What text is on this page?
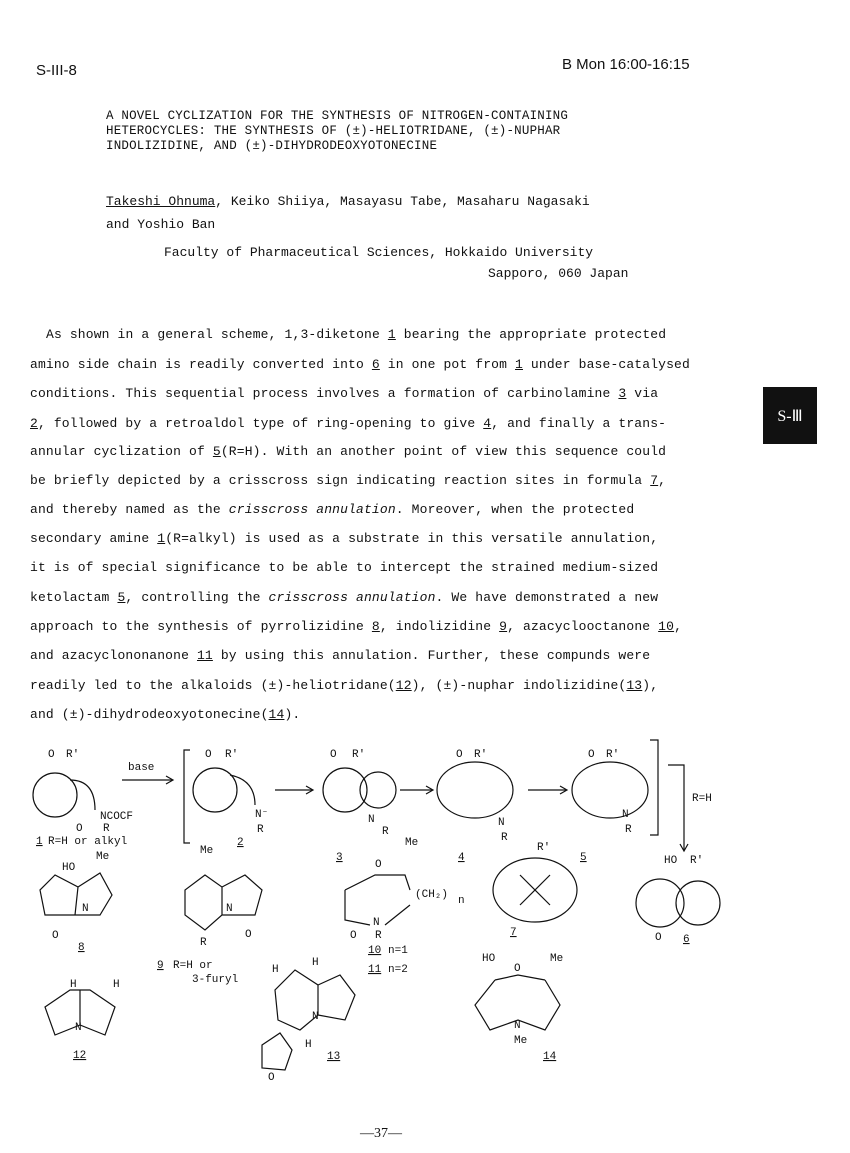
S-III-8	B Mon 16:00-16:15
A NOVEL CYCLIZATION FOR THE SYNTHESIS OF NITROGEN-CONTAINING
HETEROCYCLES: THE SYNTHESIS OF (±)-HELIOTRIDANE, (±)-NUPHAR
INDOLIZIDINE, AND (±)-DIHYDRODEOXYOTONECINE
Takeshi Ohnuma, Keiko Shiiya, Masayasu Tabe, Masaharu Nagasaki
and Yoshio Ban
Faculty of Pharmaceutical Sciences, Hokkaido University
Sapporo, 060 Japan
S-Ⅲ
As shown in a general scheme, 1,3-diketone 1 bearing the appropriate protected
amino side chain is readily converted into 6 in one pot from 1 under base-catalysed
conditions. This sequential process involves a formation of carbinolamine 3 via
2, followed by a retroaldol type of ring-opening to give 4, and finally a trans-
annular cyclization of 5(R=H). With an another point of view this sequence could
be briefly depicted by a crisscross sign indicating reaction sites in formula 7,
and thereby named as the crisscross annulation. Moreover, when the protected
secondary amine 1(R=alkyl) is used as a substrate in this versatile annulation,
it is of special significance to be able to intercept the strained medium-sized
ketolactam 5, controlling the crisscross annulation. We have demonstrated a new
approach to the synthesis of pyrrolizidine 8, indolizidine 9, azacyclooctanone 10,
and azacyclononanone 11 by using this annulation. Further, these compunds were
readily led to the alkaloids (±)-heliotridane(12), (±)-nuphar indolizidine(13),
and (±)-dihydrodeoxyotonecine(14).
O R'
O
NCOCF
R
1 R=H or alkyl
base
O R'
N⁻
R
2
O R'
N
R
3
O R'
N
R
4
O R'
N
R
5
R=H
HO R'
O 6
R'
7
HO
Me
N
O
8
Me
N
R
O
9 R=H or
3-furyl
O
Me
(CH₂) n
N
R
O
10 n=1
11 n=2
H	H
N
12
H
H
N
H
O
13
HO
O
Me
N
Me
14
—37—
